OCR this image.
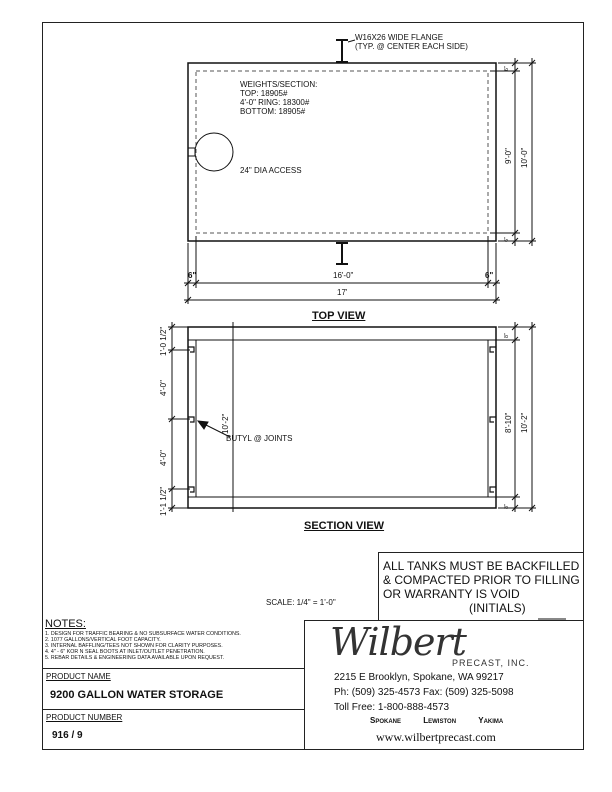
W16X26 WIDE FLANGE
(TYP. @ CENTER EACH SIDE)
WEIGHTS/SECTION:
TOP: 18905#
4'-0" RING: 18300#
BOTTOM: 18905#
24" DIA ACCESS
16'-0"
17'
6"	6"
9'-0" 10'-0"
6"
6"
TOP VIEW
1'-0 1/2"
4'-0"
4'-0"
1'-1 1/2"
10'-2"
BUTYL @ JOINTS
8"
8"
8'-10" 10'-2"
SECTION VIEW
SCALE: 1/4" = 1'-0"
ALL TANKS MUST BE BACKFILLED
& COMPACTED PRIOR TO FILLING
OR WARRANTY IS VOID
(INITIALS)
NOTES:
1. DESIGN FOR TRAFFIC BEARING & NO SUBSURFACE WATER CONDITIONS.
2. 1077 GALLONS/VERTICAL FOOT CAPACITY.
3. INTERNAL BAFFLING/TEES NOT SHOWN FOR CLARITY PURPOSES.
4. 4" - 6" KOR N SEAL BOOTS AT INLET/OUTLET PENETRATION.
5. REBAR DETAILS & ENGINEERING DATA AVAILABLE UPON REQUEST.
PRODUCT NAME
9200 GALLON WATER STORAGE
PRODUCT NUMBER
916 / 9
Wilbert
PRECAST, INC.
2215 E Brooklyn, Spokane, WA 99217
Ph: (509) 325-4573 Fax: (509) 325-5098
Toll Free: 1-800-888-4573
Spokane	Lewiston	Yakima
www.wilbertprecast.com
